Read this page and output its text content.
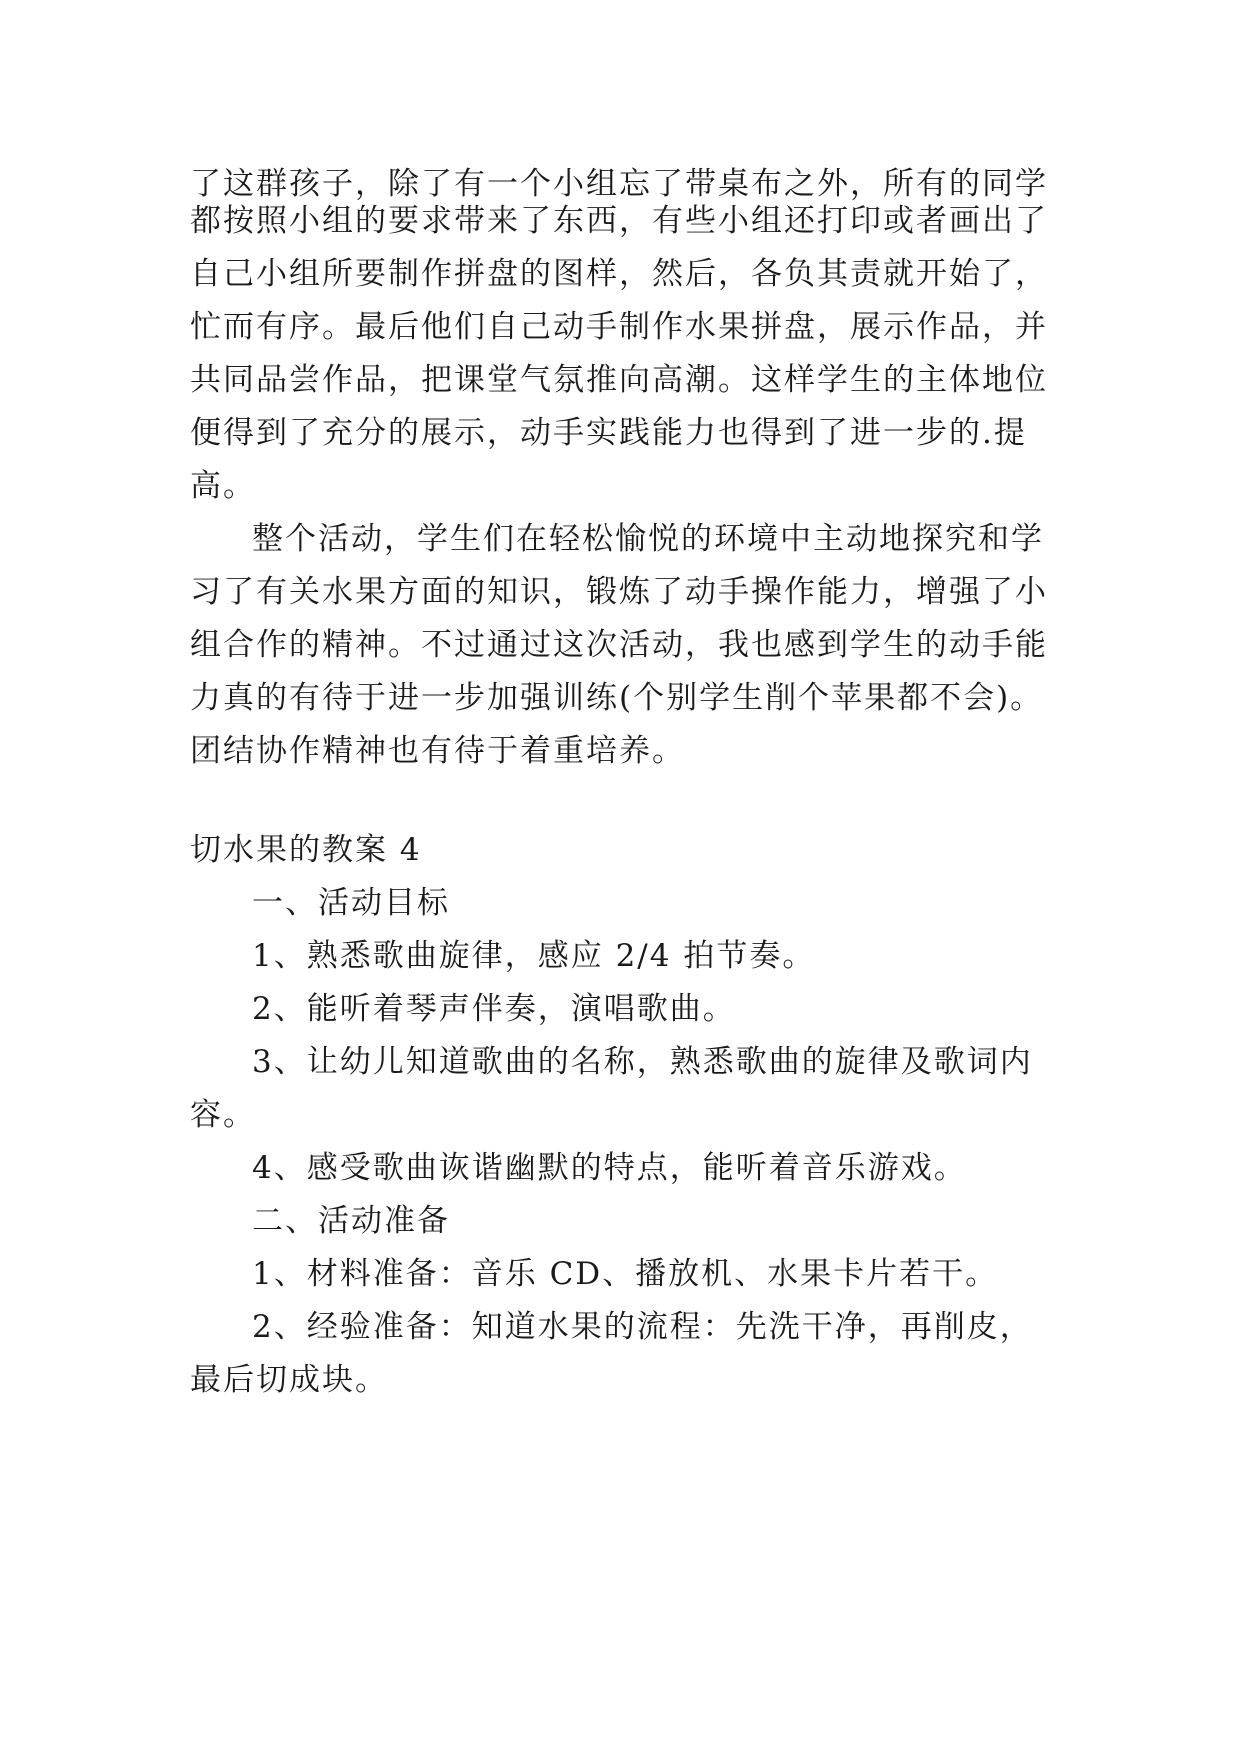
了这群孩子，除了有一个小组忘了带桌布之外，所有的同学
都按照小组的要求带来了东西，有些小组还打印或者画出了
自己小组所要制作拼盘的图样，然后，各负其责就开始了，
忙而有序。最后他们自己动手制作水果拼盘，展示作品，并
共同品尝作品，把课堂气氛推向高潮。这样学生的主体地位
便得到了充分的展示，动手实践能力也得到了进一步的.提
高。
整个活动，学生们在轻松愉悦的环境中主动地探究和学
习了有关水果方面的知识，锻炼了动手操作能力，增强了小
组合作的精神。不过通过这次活动，我也感到学生的动手能
力真的有待于进一步加强训练(个别学生削个苹果都不会)。
团结协作精神也有待于着重培养。
切水果的教案 4
一、活动目标
1、熟悉歌曲旋律，感应 2/4 拍节奏。
2、能听着琴声伴奏，演唱歌曲。
3、让幼儿知道歌曲的名称，熟悉歌曲的旋律及歌词内
容。
4、感受歌曲诙谐幽默的特点，能听着音乐游戏。
二、活动准备
1、材料准备：音乐 CD、播放机、水果卡片若干。
2、经验准备：知道水果的流程：先洗干净，再削皮，
最后切成块。
